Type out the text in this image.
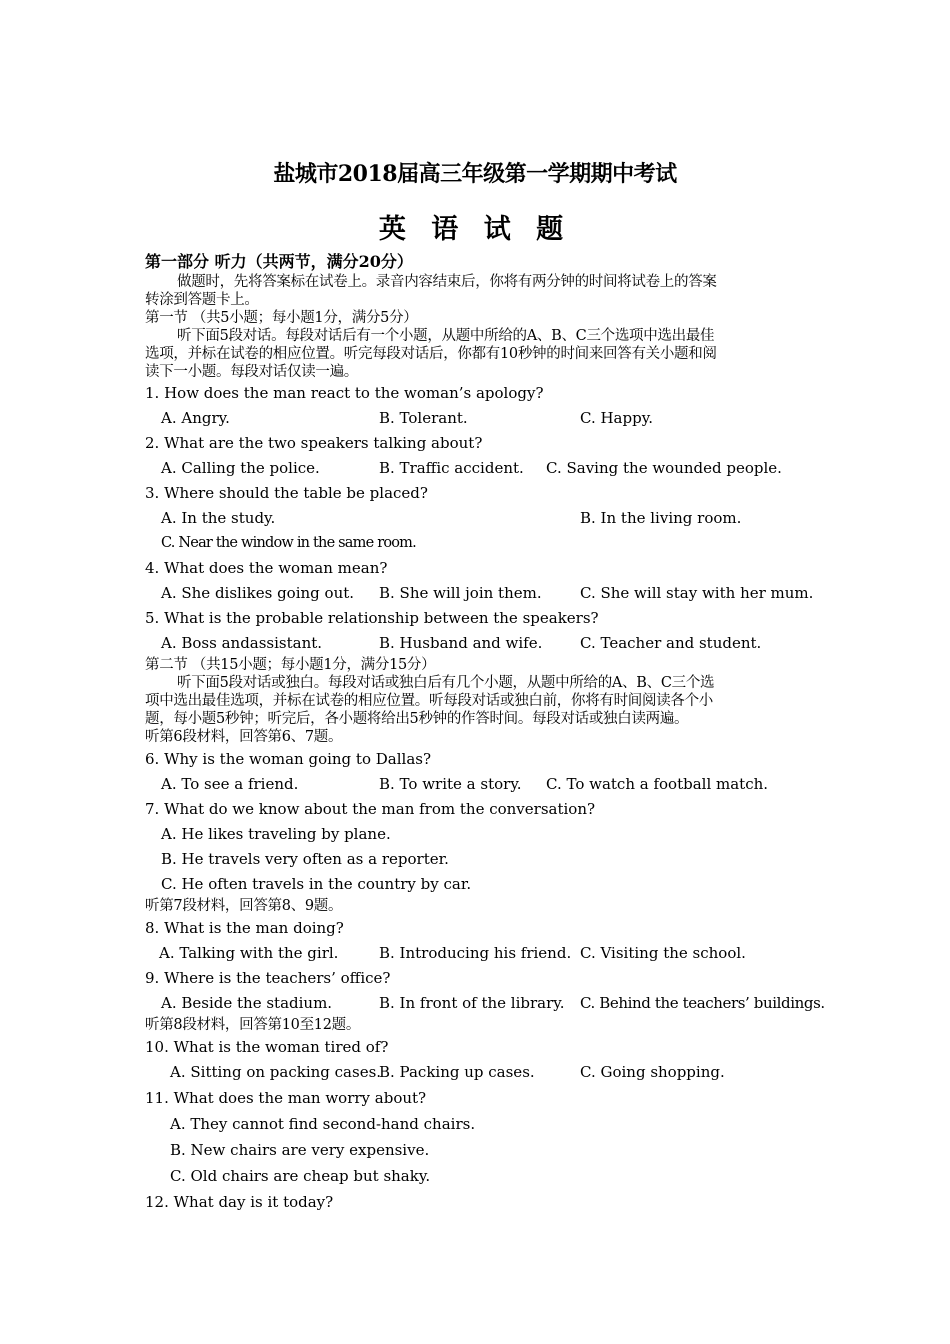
盐城市2018届高三年级第一学期期中考试
英 语 试 题
第一部分 听力（共两节，满分20分）
做题时，先将答案标在试卷上。录音内容结束后，你将有两分钟的时间将试卷上的答案
转涂到答题卡上。
第一节 （共5小题；每小题1分，满分5分）
听下面5段对话。每段对话后有一个小题，从题中所给的A、B、C三个选项中选出最佳
选项，并标在试卷的相应位置。听完每段对话后，你都有10秒钟的时间来回答有关小题和阅
读下一小题。每段对话仅读一遍。
1. How does the man react to the woman’s apology?
A. Angry.	B. Tolerant.	C. Happy.
2. What are the two speakers talking about?
A. Calling the police.	B. Traffic accident. C. Saving the wounded people.
3. Where should the table be placed?
A. In the study.	B. In the living room.
C. Near the window in the same room.
4. What does the woman mean?
A. She dislikes going out. B. She will join them.	C. She will stay with her mum.
5. What is the probable relationship between the speakers?
A. Boss andassistant.	B. Husband and wife.	C. Teacher and student.
第二节 （共15小题；每小题1分，满分15分）
听下面5段对话或独白。每段对话或独白后有几个小题，从题中所给的A、B、C三个选
项中选出最佳选项，并标在试卷的相应位置。听每段对话或独白前，你将有时间阅读各个小
题，每小题5秒钟；听完后，各小题将给出5秒钟的作答时间。每段对话或独白读两遍。
听第6段材料，回答第6、7题。
6. Why is the woman going to Dallas?
A. To see a friend.	B. To write a story. C. To watch a football match.
7. What do we know about the man from the conversation?
A. He likes traveling by plane.
B. He travels very often as a reporter.
C. He often travels in the country by car.
听第7段材料，回答第8、9题。
8. What is the man doing?
A. Talking with the girl.	B. Introducing his friend. C. Visiting the school.
9. Where is the teachers’ office?
A. Beside the stadium.	B. In front of the library. C. Behind the teachers’ buildings.
听第8段材料，回答第10至12题。
10. What is the woman tired of?
A. Sitting on packing cases.
B. Packing up cases.	C. Going shopping.
11. What does the man worry about?
A. They cannot find second-hand chairs.
B. New chairs are very expensive.
C. Old chairs are cheap but shaky.
12. What day is it today?
